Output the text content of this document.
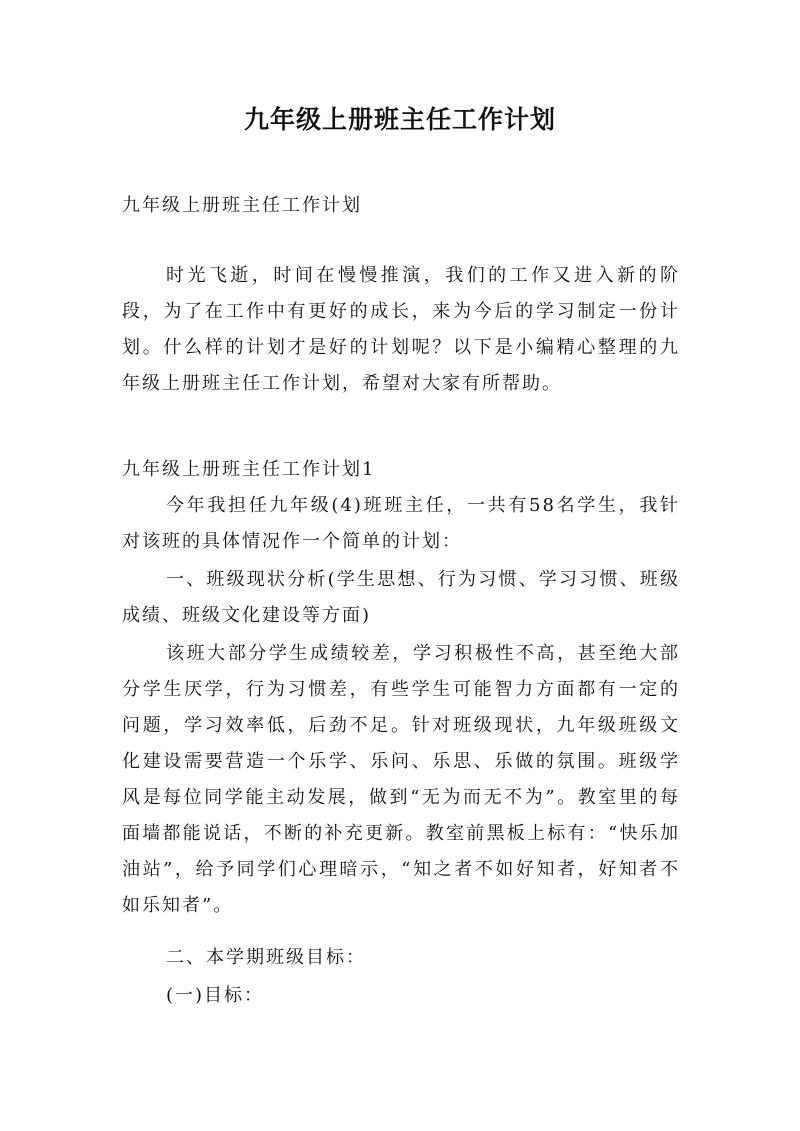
九年级上册班主任工作计划
九年级上册班主任工作计划
时光飞逝，时间在慢慢推演，我们的工作又进入新的阶段，为了在工作中有更好的成长，来为今后的学习制定一份计划。什么样的计划才是好的计划呢？以下是小编精心整理的九年级上册班主任工作计划，希望对大家有所帮助。
九年级上册班主任工作计划1
今年我担任九年级(4)班班主任，一共有58名学生，我针对该班的具体情况作一个简单的计划：
一、班级现状分析(学生思想、行为习惯、学习习惯、班级成绩、班级文化建设等方面)
该班大部分学生成绩较差，学习积极性不高，甚至绝大部分学生厌学，行为习惯差，有些学生可能智力方面都有一定的问题，学习效率低，后劲不足。针对班级现状，九年级班级文化建设需要营造一个乐学、乐问、乐思、乐做的氛围。班级学风是每位同学能主动发展，做到“无为而无不为”。教室里的每面墙都能说话，不断的补充更新。教室前黑板上标有：“快乐加油站”，给予同学们心理暗示，“知之者不如好知者，好知者不如乐知者”。
二、本学期班级目标：
(一)目标：
